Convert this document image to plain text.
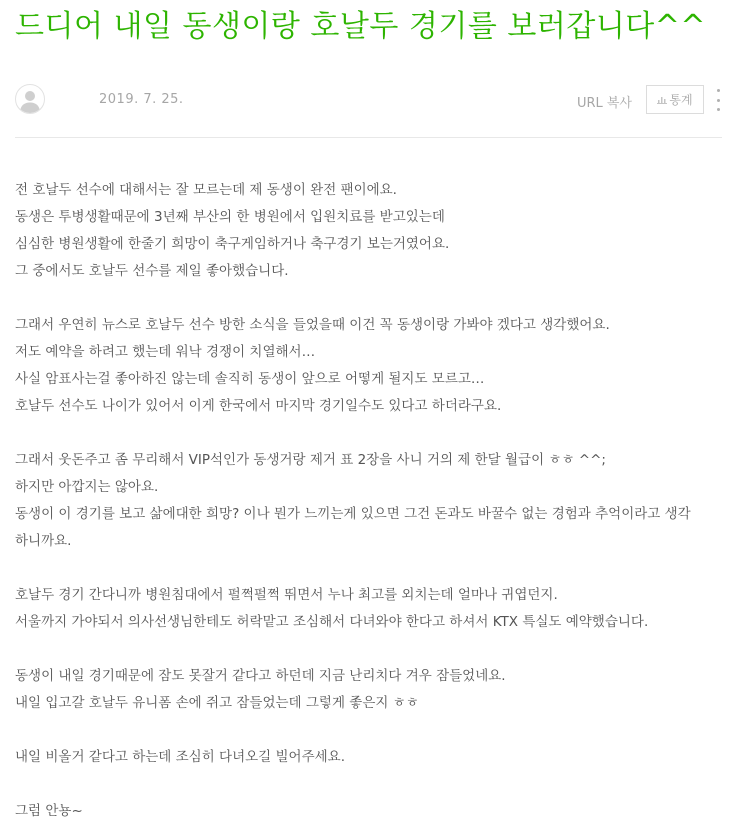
드디어 내일 동생이랑 호날두 경기를 보러갑니다^^
2019. 7. 25.	URL 복사	통계
전 호날두 선수에 대해서는 잘 모르는데 제 동생이 완전 팬이에요.
동생은 투병생활때문에 3년째 부산의 한 병원에서 입원치료를 받고있는데
심심한 병원생활에 한줄기 희망이 축구게임하거나 축구경기 보는거였어요.
그 중에서도 호날두 선수를 제일 좋아했습니다.
그래서 우연히 뉴스로 호날두 선수 방한 소식을 들었을때 이건 꼭 동생이랑 가봐야 겠다고 생각했어요.
저도 예약을 하려고 했는데 워낙 경쟁이 치열해서…
사실 암표사는걸 좋아하진 않는데 솔직히 동생이 앞으로 어떻게 될지도 모르고…
호날두 선수도 나이가 있어서 이게 한국에서 마지막 경기일수도 있다고 하더라구요.
그래서 웃돈주고 좀 무리해서 VIP석인가 동생거랑 제거 표 2장을 사니 거의 제 한달 월급이 ㅎㅎ ^^;
하지만 아깝지는 않아요.
동생이 이 경기를 보고 삶에대한 희망? 이나 뭔가 느끼는게 있으면 그건 돈과도 바꿀수 없는 경험과 추억이라고 생각
하니까요.
호날두 경기 간다니까 병원침대에서 펄쩍펄쩍 뛰면서 누나 최고를 외치는데 얼마나 귀엽던지.
서울까지 가야되서 의사선생님한테도 허락맡고 조심해서 다녀와야 한다고 하셔서 KTX 특실도 예약했습니다.
동생이 내일 경기때문에 잠도 못잘거 같다고 하던데 지금 난리치다 겨우 잠들었네요.
내일 입고갈 호날두 유니폼 손에 쥐고 잠들었는데 그렇게 좋은지 ㅎㅎ
내일 비올거 같다고 하는데 조심히 다녀오길 빌어주세요.
그럼 안뇽~
